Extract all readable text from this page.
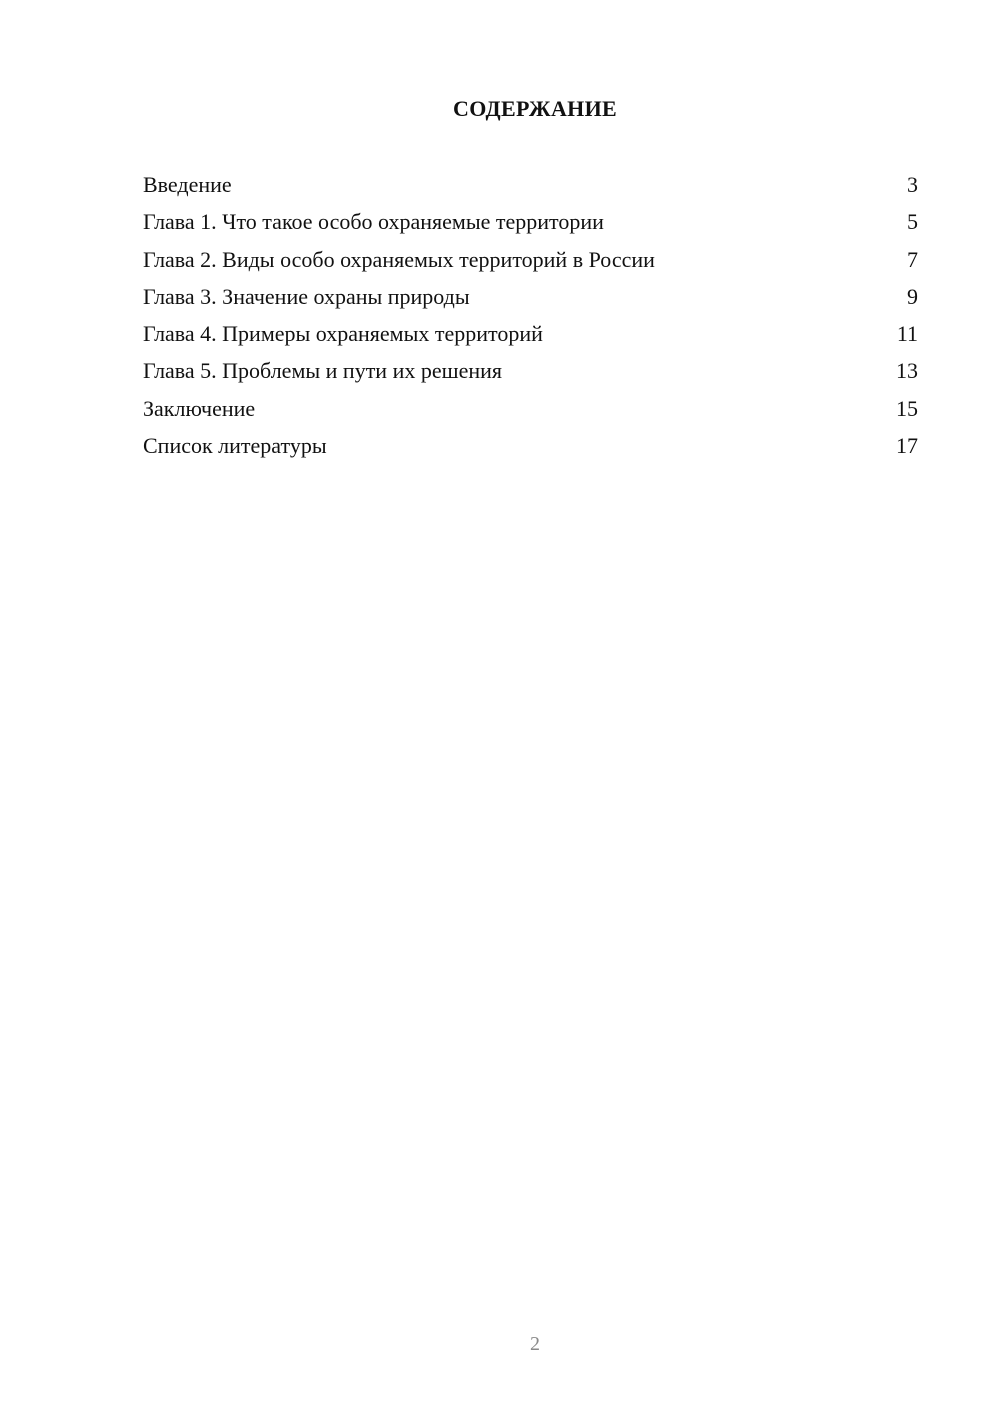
СОДЕРЖАНИЕ
Введение	3
Глава 1. Что такое особо охраняемые территории	5
Глава 2. Виды особо охраняемых территорий в России	7
Глава 3. Значение охраны природы	9
Глава 4. Примеры охраняемых территорий	11
Глава 5. Проблемы и пути их решения	13
Заключение	15
Список литературы	17
2
